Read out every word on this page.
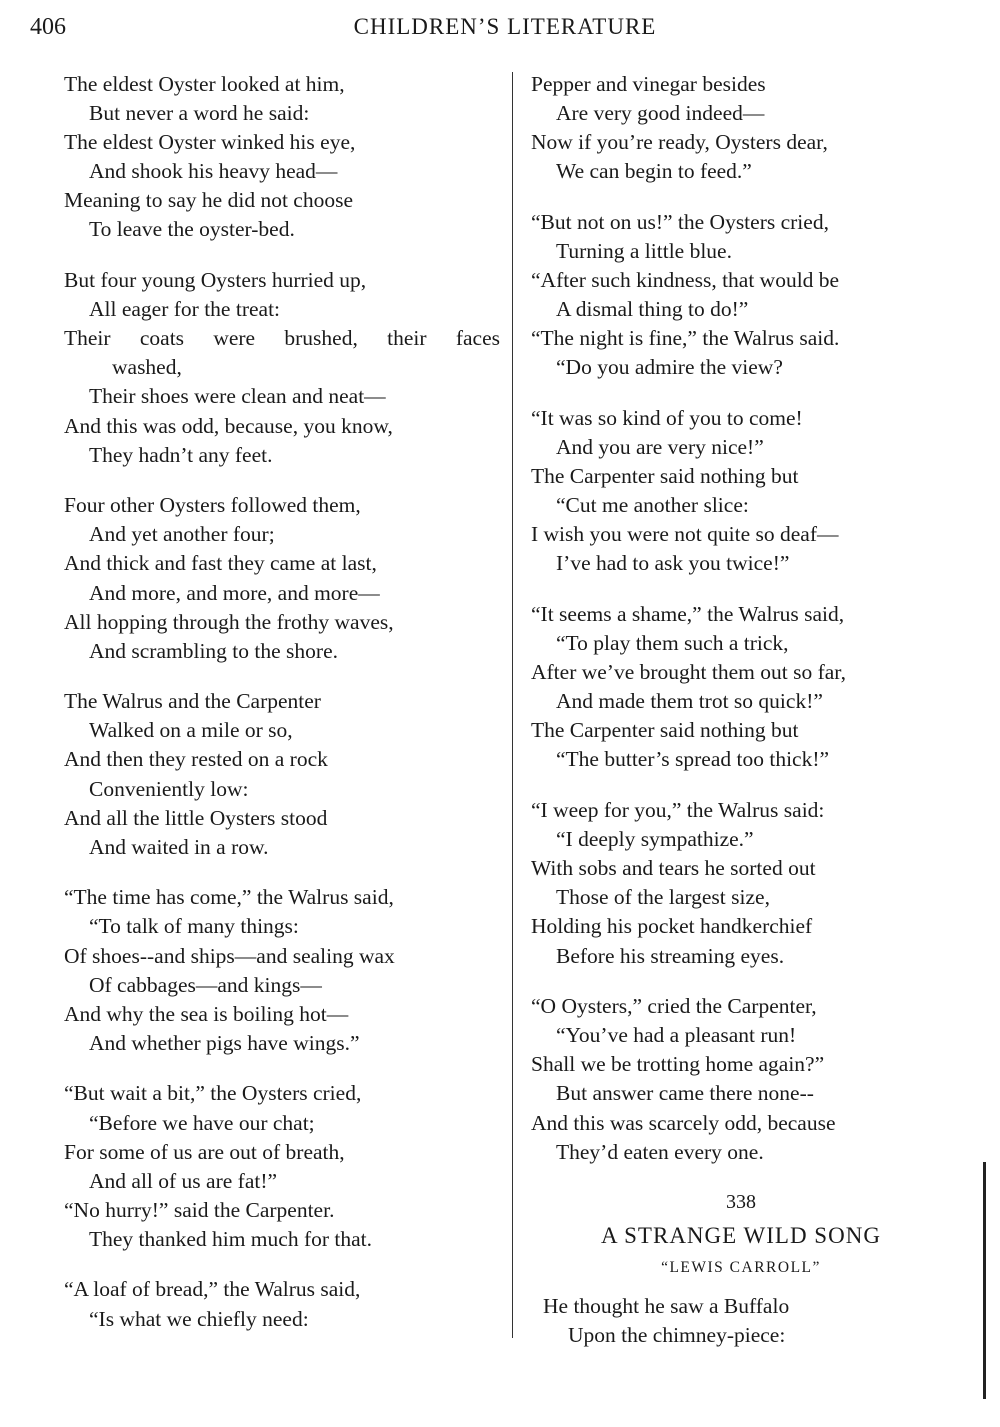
406	CHILDREN’S LITERATURE
The eldest Oyster looked at him,
But never a word he said:
The eldest Oyster winked his eye,
And shook his heavy head—
Meaning to say he did not choose
To leave the oyster-bed.
But four young Oysters hurried up,
All eager for the treat:
Their coats were brushed, their faces
washed,
Their shoes were clean and neat—
And this was odd, because, you know,
They hadn’t any feet.
Four other Oysters followed them,
And yet another four;
And thick and fast they came at last,
And more, and more, and more—
All hopping through the frothy waves,
And scrambling to the shore.
The Walrus and the Carpenter
Walked on a mile or so,
And then they rested on a rock
Conveniently low:
And all the little Oysters stood
And waited in a row.
“The time has come,” the Walrus said,
“To talk of many things:
Of shoes--and ships—and sealing wax
Of cabbages—and kings—
And why the sea is boiling hot—
And whether pigs have wings.”
“But wait a bit,” the Oysters cried,
“Before we have our chat;
For some of us are out of breath,
And all of us are fat!”
“No hurry!” said the Carpenter.
They thanked him much for that.
“A loaf of bread,” the Walrus said,
“Is what we chiefly need:
Pepper and vinegar besides
Are very good indeed—
Now if you’re ready, Oysters dear,
We can begin to feed.”
“But not on us!” the Oysters cried,
Turning a little blue.
“After such kindness, that would be
A dismal thing to do!”
“The night is fine,” the Walrus said.
“Do you admire the view?
“It was so kind of you to come!
And you are very nice!”
The Carpenter said nothing but
“Cut me another slice:
I wish you were not quite so deaf—
I’ve had to ask you twice!”
“It seems a shame,” the Walrus said,
“To play them such a trick,
After we’ve brought them out so far,
And made them trot so quick!”
The Carpenter said nothing but
“The butter’s spread too thick!”
“I weep for you,” the Walrus said:
“I deeply sympathize.”
With sobs and tears he sorted out
Those of the largest size,
Holding his pocket handkerchief
Before his streaming eyes.
“O Oysters,” cried the Carpenter,
“You’ve had a pleasant run!
Shall we be trotting home again?”
But answer came there none--
And this was scarcely odd, because
They’d eaten every one.
338
A STRANGE WILD SONG
“LEWIS CARROLL”
He thought he saw a Buffalo
Upon the chimney-piece:
